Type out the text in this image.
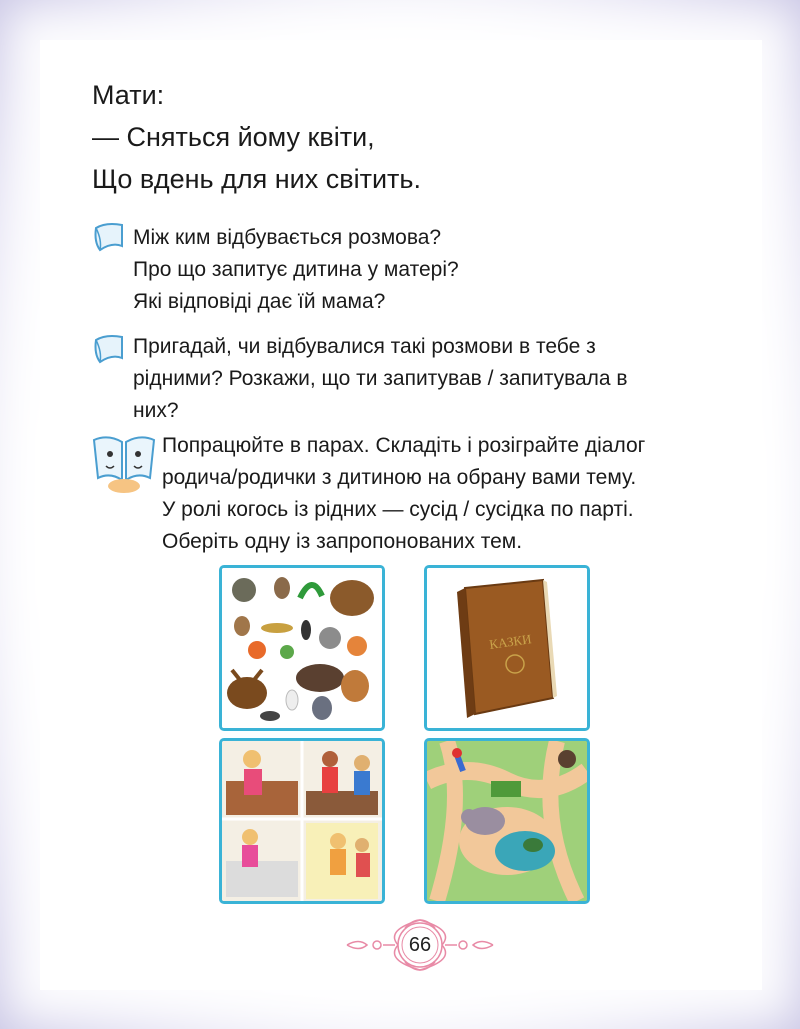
Мати:
— Сняться йому квіти,
Що вдень для них світить.
Між ким відбувається розмова?
Про що запитує дитина у матері?
Які відповіді дає їй мама?
Пригадай, чи відбувалися такі розмови в тебе з
рідними? Розкажи, що ти запитував / запитувала в
них?
Попрацюйте в парах. Складіть і розіграйте діалог
родича/родички з дитиною на обрану вами тему.
У ролі когось із рідних — сусід / сусідка по парті.
Оберіть одну із запропонованих тем.
КАЗКИ
66
